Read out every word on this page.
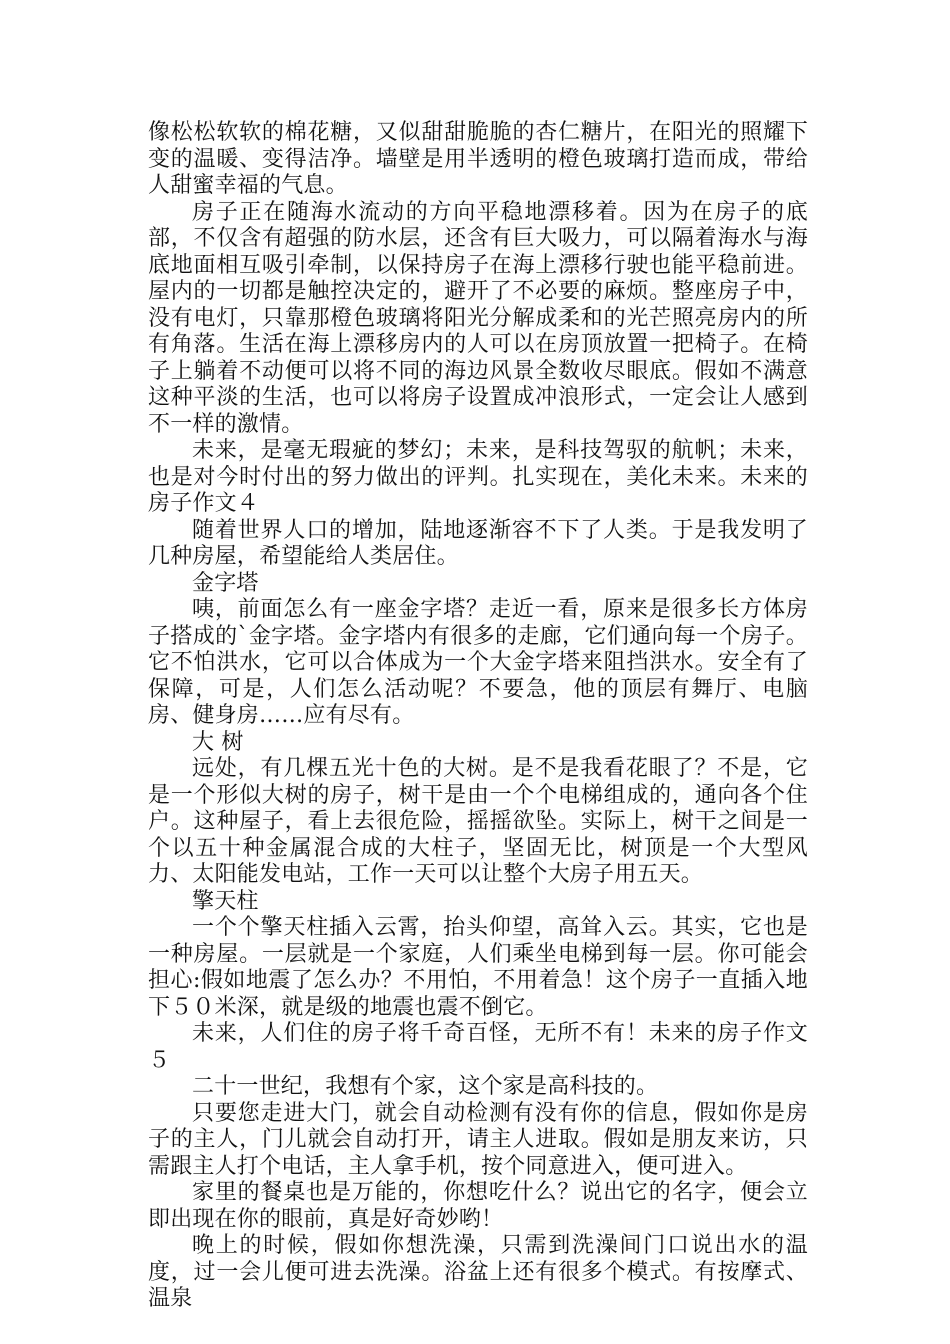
像松松软软的棉花糖，又似甜甜脆脆的杏仁糖片，在阳光的照耀下变的温暖、变得洁净。墙壁是用半透明的橙色玻璃打造而成，带给人甜蜜幸福的气息。

房子正在随海水流动的方向平稳地漂移着。因为在房子的底部，不仅含有超强的防水层，还含有巨大吸力，可以隔着海水与海底地面相互吸引牵制，以保持房子在海上漂移行驶也能平稳前进。屋内的一切都是触控决定的，避开了不必要的麻烦。整座房子中，没有电灯，只靠那橙色玻璃将阳光分解成柔和的光芒照亮房内的所有角落。生活在海上漂移房内的人可以在房顶放置一把椅子。在椅子上躺着不动便可以将不同的海边风景全数收尽眼底。假如不满意这种平淡的生活，也可以将房子设置成冲浪形式，一定会让人感到不一样的激情。

未来，是毫无瑕疵的梦幻；未来，是科技驾驭的航帆；未来，也是对今时付出的努力做出的评判。扎实现在，美化未来。未来的房子作文４

随着世界人口的增加，陆地逐渐容不下了人类。于是我发明了几种房屋，希望能给人类居住。

金字塔

咦，前面怎么有一座金字塔？走近一看，原来是很多长方体房子搭成的`金字塔。金字塔内有很多的走廊，它们通向每一个房子。它不怕洪水，它可以合体成为一个大金字塔来阻挡洪水。安全有了保障，可是，人们怎么活动呢？不要急，他的顶层有舞厅、电脑房、健身房……应有尽有。

大 树

远处，有几棵五光十色的大树。是不是我看花眼了？不是，它是一个形似大树的房子，树干是由一个个电梯组成的，通向各个住户。这种屋子，看上去很危险，摇摇欲坠。实际上，树干之间是一个以五十种金属混合成的大柱子，坚固无比，树顶是一个大型风力、太阳能发电站，工作一天可以让整个大房子用五天。

擎天柱

一个个擎天柱插入云霄，抬头仰望，高耸入云。其实，它也是一种房屋。一层就是一个家庭，人们乘坐电梯到每一层。你可能会担心:假如地震了怎么办？不用怕，不用着急！这个房子一直插入地下５０米深，就是级的地震也震不倒它。

未来，人们住的房子将千奇百怪，无所不有！未来的房子作文５

二十一世纪，我想有个家，这个家是高科技的。

只要您走进大门，就会自动检测有没有你的信息，假如你是房子的主人，门儿就会自动打开，请主人进取。假如是朋友来访，只需跟主人打个电话，主人拿手机，按个同意进入，便可进入。

家里的餐桌也是万能的，你想吃什么？说出它的名字，便会立即出现在你的眼前，真是好奇妙哟！

晚上的时候，假如你想洗澡，只需到洗澡间门口说出水的温度，过一会儿便可进去洗澡。浴盆上还有很多个模式。有按摩式、温泉
